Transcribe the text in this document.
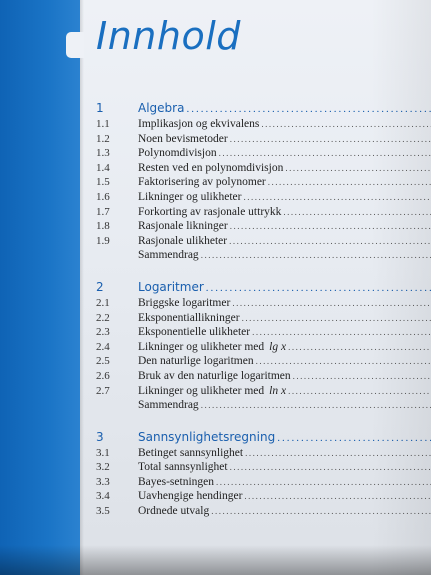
Innhold
1	Algebra
.....
1.1	Implikasjon og ekvivalens
.....
1.2	Noen bevismetoder
.....
1.3	Polynomdivisjon
.....
1.4	Resten ved en polynomdivisjon
.....
1.5	Faktorisering av polynomer
.....
1.6	Likninger og ulikheter
.....
1.7	Forkorting av rasjonale uttrykk
.....
1.8	Rasjonale likninger
.....
1.9	Rasjonale ulikheter
.....
Sammendrag
.....
2	Logaritmer
.....
2.1	Briggske logaritmer
.....
2.2	Eksponentiallikninger
.....
2.3	Eksponentielle ulikheter
.....
2.4	Likninger og ulikheter med lg x
.....
2.5	Den naturlige logaritmen
.....
2.6	Bruk av den naturlige logaritmen
.....
2.7	Likninger og ulikheter med ln x
.....
Sammendrag
.....
3	Sannsynlighetsregning
.....
3.1	Betinget sannsynlighet
.....
3.2	Total sannsynlighet
.....
3.3	Bayes-setningen
.....
3.4	Uavhengige hendinger
.....
3.5	Ordnede utvalg
.....
